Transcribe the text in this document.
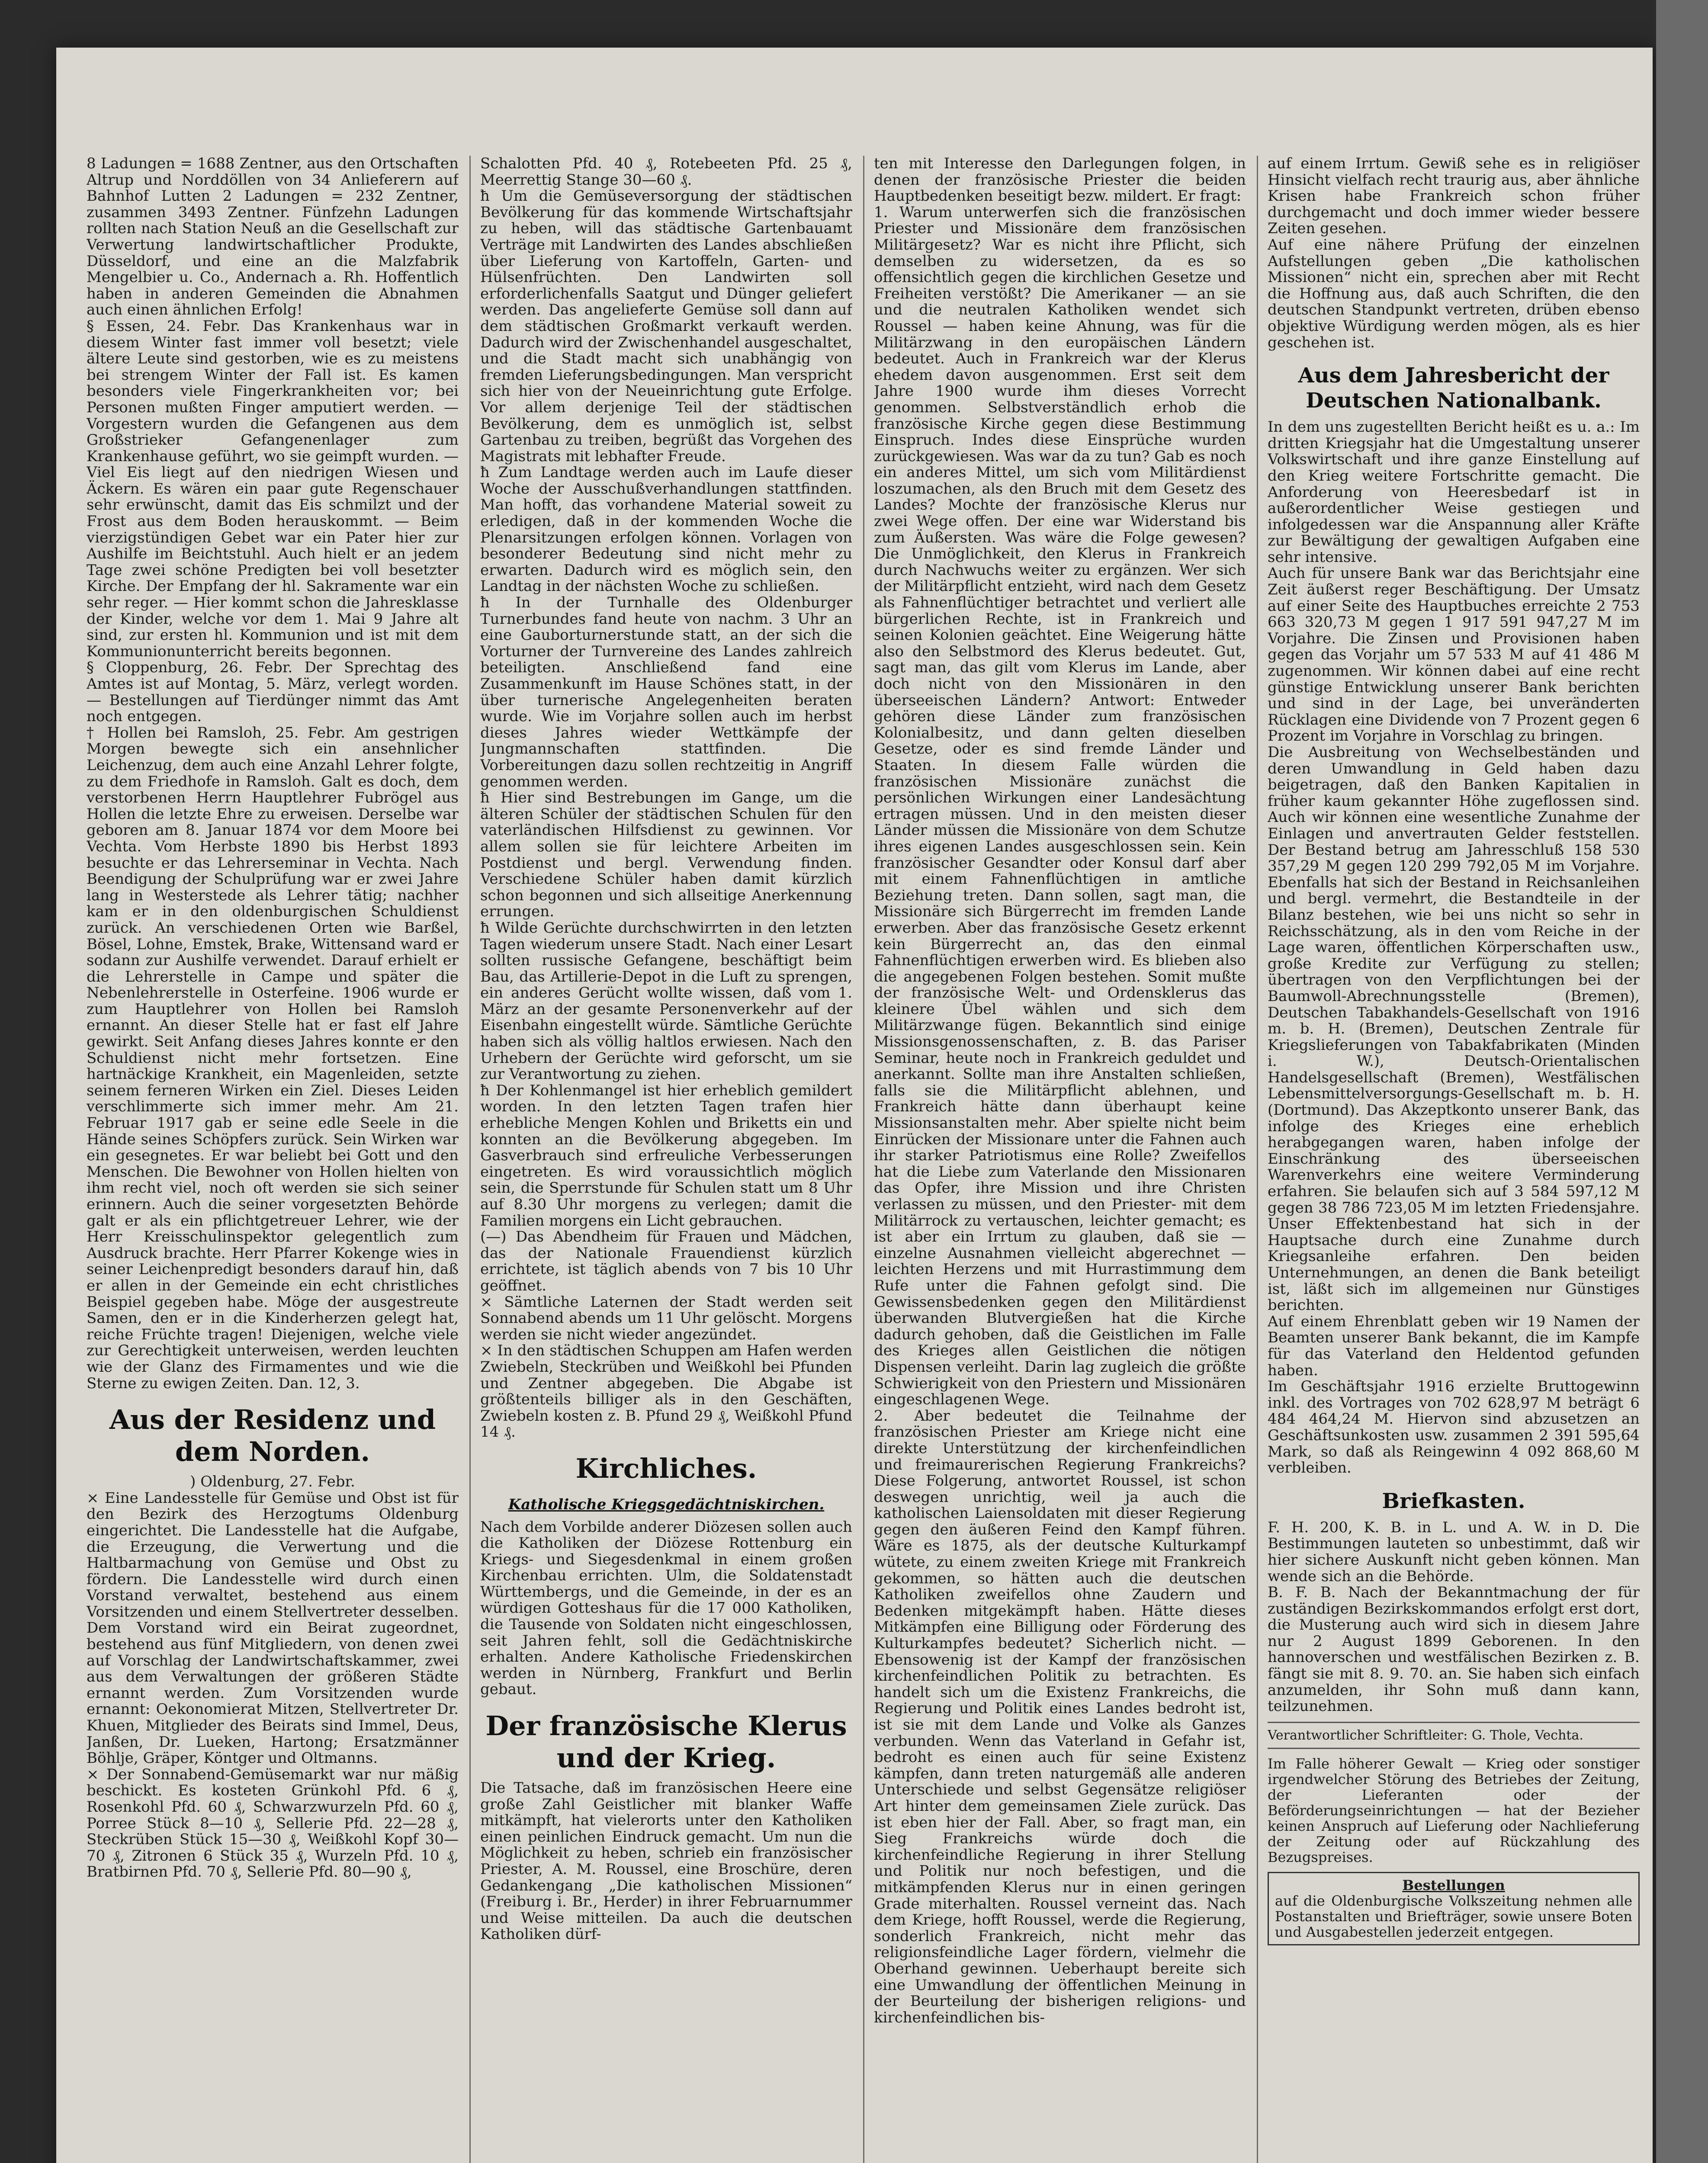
8 Ladungen = 1688 Zentner, aus den Ortschaften Altrup und Norddöllen von 34 Anlieferern auf Bahnhof Lutten 2 Ladungen = 232 Zentner, zusammen 3493 Zentner. Fünfzehn Ladungen rollten nach Station Neuß an die Gesellschaft zur Verwertung landwirtschaftlicher Produkte, Düsseldorf, und eine an die Malzfabrik Mengelbier u. Co., Andernach a. Rh. Hoffentlich haben in anderen Gemeinden die Abnahmen auch einen ähnlichen Erfolg!

§ Essen, 24. Febr. Das Krankenhaus war in diesem Winter fast immer voll besetzt; viele ältere Leute sind gestorben, wie es zu meistens bei strengem Winter der Fall ist. Es kamen besonders viele Fingerkrankheiten vor; bei Personen mußten Finger amputiert werden. — Vorgestern wurden die Gefangenen aus dem Großstrieker Gefangenenlager zum Krankenhause geführt, wo sie geimpft wurden. — Viel Eis liegt auf den niedrigen Wiesen und Äckern. Es wären ein paar gute Regenschauer sehr erwünscht, damit das Eis schmilzt und der Frost aus dem Boden herauskommt. — Beim vierzigstündigen Gebet war ein Pater hier zur Aushilfe im Beichtstuhl. Auch hielt er an jedem Tage zwei schöne Predigten bei voll besetzter Kirche. Der Empfang der hl. Sakramente war ein sehr reger. — Hier kommt schon die Jahresklasse der Kinder, welche vor dem 1. Mai 9 Jahre alt sind, zur ersten hl. Kommunion und ist mit dem Kommunionunterricht bereits begonnen.

§ Cloppenburg, 26. Febr. Der Sprechtag des Amtes ist auf Montag, 5. März, verlegt worden. — Bestellungen auf Tierdünger nimmt das Amt noch entgegen.

† Hollen bei Ramsloh, 25. Febr. Am gestrigen Morgen bewegte sich ein ansehnlicher Leichenzug, dem auch eine Anzahl Lehrer folgte, zu dem Friedhofe in Ramsloh. Galt es doch, dem verstorbenen Herrn Hauptlehrer Fubrögel aus Hollen die letzte Ehre zu erweisen. Derselbe war geboren am 8. Januar 1874 vor dem Moore bei Vechta. Vom Herbste 1890 bis Herbst 1893 besuchte er das Lehrerseminar in Vechta. Nach Beendigung der Schulprüfung war er zwei Jahre lang in Westerstede als Lehrer tätig; nachher kam er in den oldenburgischen Schuldienst zurück. An verschiedenen Orten wie Barßel, Bösel, Lohne, Emstek, Brake, Wittensand ward er sodann zur Aushilfe verwendet. Darauf erhielt er die Lehrerstelle in Campe und später die Nebenlehrerstelle in Osterfeine. 1906 wurde er zum Hauptlehrer von Hollen bei Ramsloh ernannt. An dieser Stelle hat er fast elf Jahre gewirkt. Seit Anfang dieses Jahres konnte er den Schuldienst nicht mehr fortsetzen. Eine hartnäckige Krankheit, ein Magenleiden, setzte seinem ferneren Wirken ein Ziel. Dieses Leiden verschlimmerte sich immer mehr. Am 21. Februar 1917 gab er seine edle Seele in die Hände seines Schöpfers zurück. Sein Wirken war ein gesegnetes. Er war beliebt bei Gott und den Menschen. Die Bewohner von Hollen hielten von ihm recht viel, noch oft werden sie sich seiner erinnern. Auch die seiner vorgesetzten Behörde galt er als ein pflichtgetreuer Lehrer, wie der Herr Kreisschulinspektor gelegentlich zum Ausdruck brachte. Herr Pfarrer Kokenge wies in seiner Leichenpredigt besonders darauf hin, daß er allen in der Gemeinde ein echt christliches Beispiel gegeben habe. Möge der ausgestreute Samen, den er in die Kinderherzen gelegt hat, reiche Früchte tragen! Diejenigen, welche viele zur Gerechtigkeit unterweisen, werden leuchten wie der Glanz des Firmamentes und wie die Sterne zu ewigen Zeiten. Dan. 12, 3.

Aus der Residenz und dem Norden.
) Oldenburg, 27. Febr.

× Eine Landesstelle für Gemüse und Obst ist für den Bezirk des Herzogtums Oldenburg eingerichtet. Die Landesstelle hat die Aufgabe, die Erzeugung, die Verwertung und die Haltbarmachung von Gemüse und Obst zu fördern. Die Landesstelle wird durch einen Vorstand verwaltet, bestehend aus einem Vorsitzenden und einem Stellvertreter desselben. Dem Vorstand wird ein Beirat zugeordnet, bestehend aus fünf Mitgliedern, von denen zwei auf Vorschlag der Landwirtschaftskammer, zwei aus dem Verwaltungen der größeren Städte ernannt werden. Zum Vorsitzenden wurde ernannt: Oekonomierat Mitzen, Stellvertreter Dr. Khuen, Mitglieder des Beirats sind Immel, Deus, Janßen, Dr. Lueken, Hartong; Ersatzmänner Böhlje, Gräper, Köntger und Oltmanns.

× Der Sonnabend-Gemüsemarkt war nur mäßig beschickt. Es kosteten Grünkohl Pfd. 6 ₰, Rosenkohl Pfd. 60 ₰, Schwarzwurzeln Pfd. 60 ₰, Porree Stück 8—10 ₰, Sellerie Pfd. 22—28 ₰, Steckrüben Stück 15—30 ₰, Weißkohl Kopf 30—70 ₰, Zitronen 6 Stück 35 ₰, Wurzeln Pfd. 10 ₰, Bratbirnen Pfd. 70 ₰, Sellerie Pfd. 80—90 ₰,

Schalotten Pfd. 40 ₰, Rotebeeten Pfd. 25 ₰, Meerrettig Stange 30—60 ₰.

ħ Um die Gemüseversorgung der städtischen Bevölkerung für das kommende Wirtschaftsjahr zu heben, will das städtische Gartenbauamt Verträge mit Landwirten des Landes abschließen über Lieferung von Kartoffeln, Garten- und Hülsenfrüchten. Den Landwirten soll erforderlichenfalls Saatgut und Dünger geliefert werden. Das angelieferte Gemüse soll dann auf dem städtischen Großmarkt verkauft werden. Dadurch wird der Zwischenhandel ausgeschaltet, und die Stadt macht sich unabhängig von fremden Lieferungsbedingungen. Man verspricht sich hier von der Neueinrichtung gute Erfolge. Vor allem derjenige Teil der städtischen Bevölkerung, dem es unmöglich ist, selbst Gartenbau zu treiben, begrüßt das Vorgehen des Magistrats mit lebhafter Freude.

ħ Zum Landtage werden auch im Laufe dieser Woche der Ausschußverhandlungen stattfinden. Man hofft, das vorhandene Material soweit zu erledigen, daß in der kommenden Woche die Plenarsitzungen erfolgen können. Vorlagen von besonderer Bedeutung sind nicht mehr zu erwarten. Dadurch wird es möglich sein, den Landtag in der nächsten Woche zu schließen.

ħ In der Turnhalle des Oldenburger Turnerbundes fand heute von nachm. 3 Uhr an eine Gauborturnerstunde statt, an der sich die Vorturner der Turnvereine des Landes zahlreich beteiligten. Anschließend fand eine Zusammenkunft im Hause Schönes statt, in der über turnerische Angelegenheiten beraten wurde. Wie im Vorjahre sollen auch im herbst dieses Jahres wieder Wettkämpfe der Jungmannschaften stattfinden. Die Vorbereitungen dazu sollen rechtzeitig in Angriff genommen werden.

ħ Hier sind Bestrebungen im Gange, um die älteren Schüler der städtischen Schulen für den vaterländischen Hilfsdienst zu gewinnen. Vor allem sollen sie für leichtere Arbeiten im Postdienst und bergl. Verwendung finden. Verschiedene Schüler haben damit kürzlich schon begonnen und sich allseitige Anerkennung errungen.

ħ Wilde Gerüchte durchschwirrten in den letzten Tagen wiederum unsere Stadt. Nach einer Lesart sollten russische Gefangene, beschäftigt beim Bau, das Artillerie-Depot in die Luft zu sprengen, ein anderes Gerücht wollte wissen, daß vom 1. März an der gesamte Personenverkehr auf der Eisenbahn eingestellt würde. Sämtliche Gerüchte haben sich als völlig haltlos erwiesen. Nach den Urhebern der Gerüchte wird geforscht, um sie zur Verantwortung zu ziehen.

ħ Der Kohlenmangel ist hier erheblich gemildert worden. In den letzten Tagen trafen hier erhebliche Mengen Kohlen und Briketts ein und konnten an die Bevölkerung abgegeben. Im Gasverbrauch sind erfreuliche Verbesserungen eingetreten. Es wird voraussichtlich möglich sein, die Sperrstunde für Schulen statt um 8 Uhr auf 8.30 Uhr morgens zu verlegen; damit die Familien morgens ein Licht gebrauchen.

(—) Das Abendheim für Frauen und Mädchen, das der Nationale Frauendienst kürzlich errichtete, ist täglich abends von 7 bis 10 Uhr geöffnet.

× Sämtliche Laternen der Stadt werden seit Sonnabend abends um 11 Uhr gelöscht. Morgens werden sie nicht wieder angezündet.

× In den städtischen Schuppen am Hafen werden Zwiebeln, Steckrüben und Weißkohl bei Pfunden und Zentner abgegeben. Die Abgabe ist größtenteils billiger als in den Geschäften, Zwiebeln kosten z. B. Pfund 29 ₰, Weißkohl Pfund 14 ₰.

Kirchliches.
Katholische Kriegsgedächtniskirchen.

Nach dem Vorbilde anderer Diözesen sollen auch die Katholiken der Diözese Rottenburg ein Kriegs- und Siegesdenkmal in einem großen Kirchenbau errichten. Ulm, die Soldatenstadt Württembergs, und die Gemeinde, in der es an würdigen Gotteshaus für die 17 000 Katholiken, die Tausende von Soldaten nicht eingeschlossen, seit Jahren fehlt, soll die Gedächtniskirche erhalten. Andere Katholische Friedenskirchen werden in Nürnberg, Frankfurt und Berlin gebaut.

Der französische Klerus und der Krieg.

Die Tatsache, daß im französischen Heere eine große Zahl Geistlicher mit blanker Waffe mitkämpft, hat vielerorts unter den Katholiken einen peinlichen Eindruck gemacht. Um nun die Möglichkeit zu heben, schrieb ein französischer Priester, A. M. Roussel, eine Broschüre, deren Gedankengang „Die katholischen Missionen“ (Freiburg i. Br., Herder) in ihrer Februarnummer und Weise mitteilen. Da auch die deutschen Katholiken dürf-

ten mit Interesse den Darlegungen folgen, in denen der französische Priester die beiden Hauptbedenken beseitigt bezw. mildert. Er fragt:

1. Warum unterwerfen sich die französischen Priester und Missionäre dem französischen Militärgesetz? War es nicht ihre Pflicht, sich demselben zu widersetzen, da es so offensichtlich gegen die kirchlichen Gesetze und Freiheiten verstößt? Die Amerikaner — an sie und die neutralen Katholiken wendet sich Roussel — haben keine Ahnung, was für die Militärzwang in den europäischen Ländern bedeutet. Auch in Frankreich war der Klerus ehedem davon ausgenommen. Erst seit dem Jahre 1900 wurde ihm dieses Vorrecht genommen. Selbstverständlich erhob die französische Kirche gegen diese Bestimmung Einspruch. Indes diese Einsprüche wurden zurückgewiesen. Was war da zu tun? Gab es noch ein anderes Mittel, um sich vom Militärdienst loszumachen, als den Bruch mit dem Gesetz des Landes? Mochte der französische Klerus nur zwei Wege offen. Der eine war Widerstand bis zum Äußersten. Was wäre die Folge gewesen? Die Unmöglichkeit, den Klerus in Frankreich durch Nachwuchs weiter zu ergänzen. Wer sich der Militärpflicht entzieht, wird nach dem Gesetz als Fahnenflüchtiger betrachtet und verliert alle bürgerlichen Rechte, ist in Frankreich und seinen Kolonien geächtet. Eine Weigerung hätte also den Selbstmord des Klerus bedeutet. Gut, sagt man, das gilt vom Klerus im Lande, aber doch nicht von den Missionären in den überseeischen Ländern? Antwort: Entweder gehören diese Länder zum französischen Kolonialbesitz, und dann gelten dieselben Gesetze, oder es sind fremde Länder und Staaten. In diesem Falle würden die französischen Missionäre zunächst die persönlichen Wirkungen einer Landesächtung ertragen müssen. Und in den meisten dieser Länder müssen die Missionäre von dem Schutze ihres eigenen Landes ausgeschlossen sein. Kein französischer Gesandter oder Konsul darf aber mit einem Fahnenflüchtigen in amtliche Beziehung treten. Dann sollen, sagt man, die Missionäre sich Bürgerrecht im fremden Lande erwerben. Aber das französische Gesetz erkennt kein Bürgerrecht an, das den einmal Fahnenflüchtigen erwerben wird. Es blieben also die angegebenen Folgen bestehen. Somit mußte der französische Welt- und Ordensklerus das kleinere Übel wählen und sich dem Militärzwange fügen. Bekanntlich sind einige Missionsgenossenschaften, z. B. das Pariser Seminar, heute noch in Frankreich geduldet und anerkannt. Sollte man ihre Anstalten schließen, falls sie die Militärpflicht ablehnen, und Frankreich hätte dann überhaupt keine Missionsanstalten mehr. Aber spielte nicht beim Einrücken der Missionare unter die Fahnen auch ihr starker Patriotismus eine Rolle? Zweifellos hat die Liebe zum Vaterlande den Missionaren das Opfer, ihre Mission und ihre Christen verlassen zu müssen, und den Priester- mit dem Militärrock zu vertauschen, leichter gemacht; es ist aber ein Irrtum zu glauben, daß sie — einzelne Ausnahmen vielleicht abgerechnet — leichten Herzens und mit Hurrastimmung dem Rufe unter die Fahnen gefolgt sind. Die Gewissensbedenken gegen den Militärdienst überwanden Blutvergießen hat die Kirche dadurch gehoben, daß die Geistlichen im Falle des Krieges allen Geistlichen die nötigen Dispensen verleiht. Darin lag zugleich die größte Schwierigkeit von den Priestern und Missionären eingeschlagenen Wege.

2. Aber bedeutet die Teilnahme der französischen Priester am Kriege nicht eine direkte Unterstützung der kirchenfeindlichen und freimaurerischen Regierung Frankreichs? Diese Folgerung, antwortet Roussel, ist schon deswegen unrichtig, weil ja auch die katholischen Laiensoldaten mit dieser Regierung gegen den äußeren Feind den Kampf führen. Wäre es 1875, als der deutsche Kulturkampf wütete, zu einem zweiten Kriege mit Frankreich gekommen, so hätten auch die deutschen Katholiken zweifellos ohne Zaudern und Bedenken mitgekämpft haben. Hätte dieses Mitkämpfen eine Billigung oder Förderung des Kulturkampfes bedeutet? Sicherlich nicht. — Ebensowenig ist der Kampf der französischen kirchenfeindlichen Politik zu betrachten. Es handelt sich um die Existenz Frankreichs, die Regierung und Politik eines Landes bedroht ist, ist sie mit dem Lande und Volke als Ganzes verbunden. Wenn das Vaterland in Gefahr ist, bedroht es einen auch für seine Existenz kämpfen, dann treten naturgemäß alle anderen Unterschiede und selbst Gegensätze religiöser Art hinter dem gemeinsamen Ziele zurück. Das ist eben hier der Fall. Aber, so fragt man, ein Sieg Frankreichs würde doch die kirchenfeindliche Regierung in ihrer Stellung und Politik nur noch befestigen, und die mitkämpfenden Klerus nur in einen geringen Grade miterhalten. Roussel verneint das. Nach dem Kriege, hofft Roussel, werde die Regierung, sonderlich Frankreich, nicht mehr das religionsfeindliche Lager fördern, vielmehr die Oberhand gewinnen. Ueberhaupt bereite sich eine Umwandlung der öffentlichen Meinung in der Beurteilung der bisherigen religions- und kirchenfeindlichen bis-

auf einem Irrtum. Gewiß sehe es in religiöser Hinsicht vielfach recht traurig aus, aber ähnliche Krisen habe Frankreich schon früher durchgemacht und doch immer wieder bessere Zeiten gesehen.

Auf eine nähere Prüfung der einzelnen Aufstellungen geben „Die katholischen Missionen“ nicht ein, sprechen aber mit Recht die Hoffnung aus, daß auch Schriften, die den deutschen Standpunkt vertreten, drüben ebenso objektive Würdigung werden mögen, als es hier geschehen ist.

Aus dem Jahresbericht der Deutschen Nationalbank.

In dem uns zugestellten Bericht heißt es u. a.: Im dritten Kriegsjahr hat die Umgestaltung unserer Volkswirtschaft und ihre ganze Einstellung auf den Krieg weitere Fortschritte gemacht. Die Anforderung von Heeresbedarf ist in außerordentlicher Weise gestiegen und infolgedessen war die Anspannung aller Kräfte zur Bewältigung der gewaltigen Aufgaben eine sehr intensive.

Auch für unsere Bank war das Berichtsjahr eine Zeit äußerst reger Beschäftigung. Der Umsatz auf einer Seite des Hauptbuches erreichte 2 753 663 320,73 M gegen 1 917 591 947,27 M im Vorjahre. Die Zinsen und Provisionen haben gegen das Vorjahr um 57 533 M auf 41 486 M zugenommen. Wir können dabei auf eine recht günstige Entwicklung unserer Bank berichten und sind in der Lage, bei unveränderten Rücklagen eine Dividende von 7 Prozent gegen 6 Prozent im Vorjahre in Vorschlag zu bringen.

Die Ausbreitung von Wechselbeständen und deren Umwandlung in Geld haben dazu beigetragen, daß den Banken Kapitalien in früher kaum gekannter Höhe zugeflossen sind. Auch wir können eine wesentliche Zunahme der Einlagen und anvertrauten Gelder feststellen. Der Bestand betrug am Jahresschluß 158 530 357,29 M gegen 120 299 792,05 M im Vorjahre. Ebenfalls hat sich der Bestand in Reichsanleihen und bergl. vermehrt, die Bestandteile in der Bilanz bestehen, wie bei uns nicht so sehr in Reichsschätzung, als in den vom Reiche in der Lage waren, öffentlichen Körperschaften usw., große Kredite zur Verfügung zu stellen; übertragen von den Verpflichtungen bei der Baumwoll-Abrechnungsstelle (Bremen), Deutschen Tabakhandels-Gesellschaft von 1916 m. b. H. (Bremen), Deutschen Zentrale für Kriegslieferungen von Tabakfabrikaten (Minden i. W.), Deutsch-Orientalischen Handelsgesellschaft (Bremen), Westfälischen Lebensmittelversorgungs-Gesellschaft m. b. H. (Dortmund). Das Akzeptkonto unserer Bank, das infolge des Krieges eine erheblich herabgegangen waren, haben infolge der Einschränkung des überseeischen Warenverkehrs eine weitere Verminderung erfahren. Sie belaufen sich auf 3 584 597,12 M gegen 38 786 723,05 M im letzten Friedensjahre. Unser Effektenbestand hat sich in der Hauptsache durch eine Zunahme durch Kriegsanleihe erfahren. Den beiden Unternehmungen, an denen die Bank beteiligt ist, läßt sich im allgemeinen nur Günstiges berichten.

Auf einem Ehrenblatt geben wir 19 Namen der Beamten unserer Bank bekannt, die im Kampfe für das Vaterland den Heldentod gefunden haben.

Im Geschäftsjahr 1916 erzielte Bruttogewinn inkl. des Vortrages von 702 628,97 M beträgt 6 484 464,24 M. Hiervon sind abzusetzen an Geschäftsunkosten usw. zusammen 2 391 595,64 Mark, so daß als Reingewinn 4 092 868,60 M verbleiben.

Briefkasten.

F. H. 200, K. B. in L. und A. W. in D. Die Bestimmungen lauteten so unbestimmt, daß wir hier sichere Auskunft nicht geben können. Man wende sich an die Behörde.

B. F. B. Nach der Bekanntmachung der für zuständigen Bezirkskommandos erfolgt erst dort, die Musterung auch wird sich in diesem Jahre nur 2 August 1899 Geborenen. In den hannoverschen und westfälischen Bezirken z. B. fängt sie mit 8. 9. 70. an. Sie haben sich einfach anzumelden, ihr Sohn muß dann kann, teilzunehmen.

Verantwortlicher Schriftleiter: G. Thole, Vechta.

Im Falle höherer Gewalt — Krieg oder sonstiger irgendwelcher Störung des Betriebes der Zeitung, der Lieferanten oder der Beförderungseinrichtungen — hat der Bezieher keinen Anspruch auf Lieferung oder Nachlieferung der Zeitung oder auf Rückzahlung des Bezugspreises.

Bestellungen
auf die Oldenburgische Volkszeitung nehmen alle Postanstalten und Briefträger, sowie unsere Boten und Ausgabestellen jederzeit entgegen.
